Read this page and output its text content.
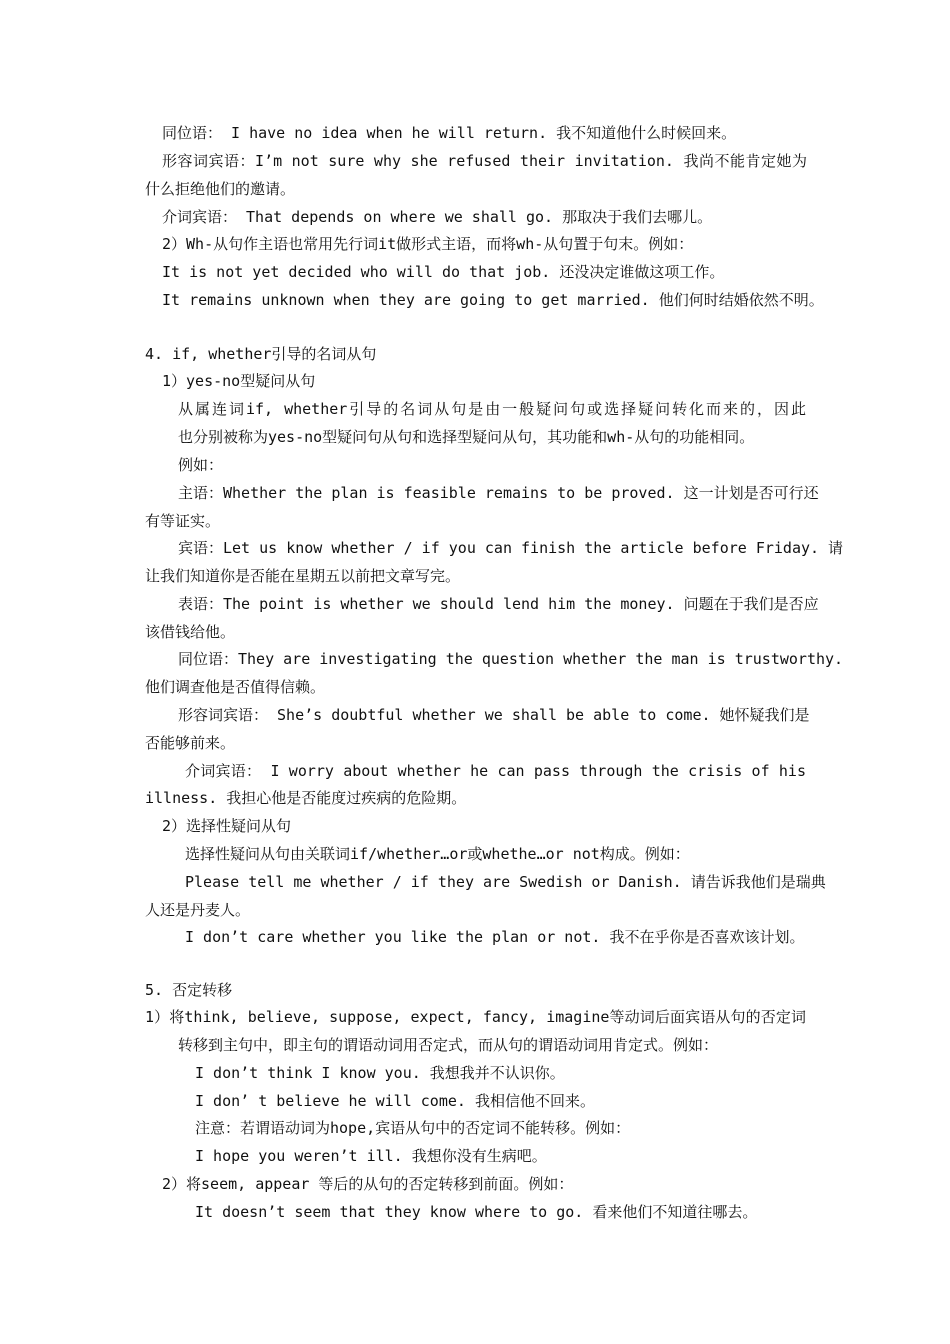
同位语： I have no idea when he will return. 我不知道他什么时候回来。
形容词宾语：I’m not sure why she refused their invitation. 我尚不能肯定她为
什么拒绝他们的邀请。
介词宾语： That depends on where we shall go. 那取决于我们去哪儿。
2）Wh-从句作主语也常用先行词it做形式主语，而将wh-从句置于句末。例如：
It is not yet decided who will do that job. 还没决定谁做这项工作。
It remains unknown when they are going to get married. 他们何时结婚依然不明。
4. if, whether引导的名词从句
1）yes-no型疑问从句
从属连词if, whether引导的名词从句是由一般疑问句或选择疑问转化而来的，因此
也分别被称为yes-no型疑问句从句和选择型疑问从句，其功能和wh-从句的功能相同。
例如：
主语：Whether the plan is feasible remains to be proved. 这一计划是否可行还
有等证实。
宾语：Let us know whether / if you can finish the article before Friday. 请
让我们知道你是否能在星期五以前把文章写完。
表语：The point is whether we should lend him the money. 问题在于我们是否应
该借钱给他。
同位语：They are investigating the question whether the man is trustworthy.
他们调查他是否值得信赖。
形容词宾语： She’s doubtful whether we shall be able to come. 她怀疑我们是
否能够前来。
介词宾语： I worry about whether he can pass through the crisis of his
illness. 我担心他是否能度过疾病的危险期。
2）选择性疑问从句
选择性疑问从句由关联词if/whether…or或whethe…or not构成。例如：
Please tell me whether / if they are Swedish or Danish. 请告诉我他们是瑞典
人还是丹麦人。
I don’t care whether you like the plan or not. 我不在乎你是否喜欢该计划。
5. 否定转移
1）将think, believe, suppose, expect, fancy, imagine等动词后面宾语从句的否定词
转移到主句中，即主句的谓语动词用否定式，而从句的谓语动词用肯定式。例如：
I don’t think I know you. 我想我并不认识你。
I don’ t believe he will come. 我相信他不回来。
注意：若谓语动词为hope,宾语从句中的否定词不能转移。例如：
I hope you weren’t ill. 我想你没有生病吧。
2）将seem, appear 等后的从句的否定转移到前面。例如：
It doesn’t seem that they know where to go. 看来他们不知道往哪去。
